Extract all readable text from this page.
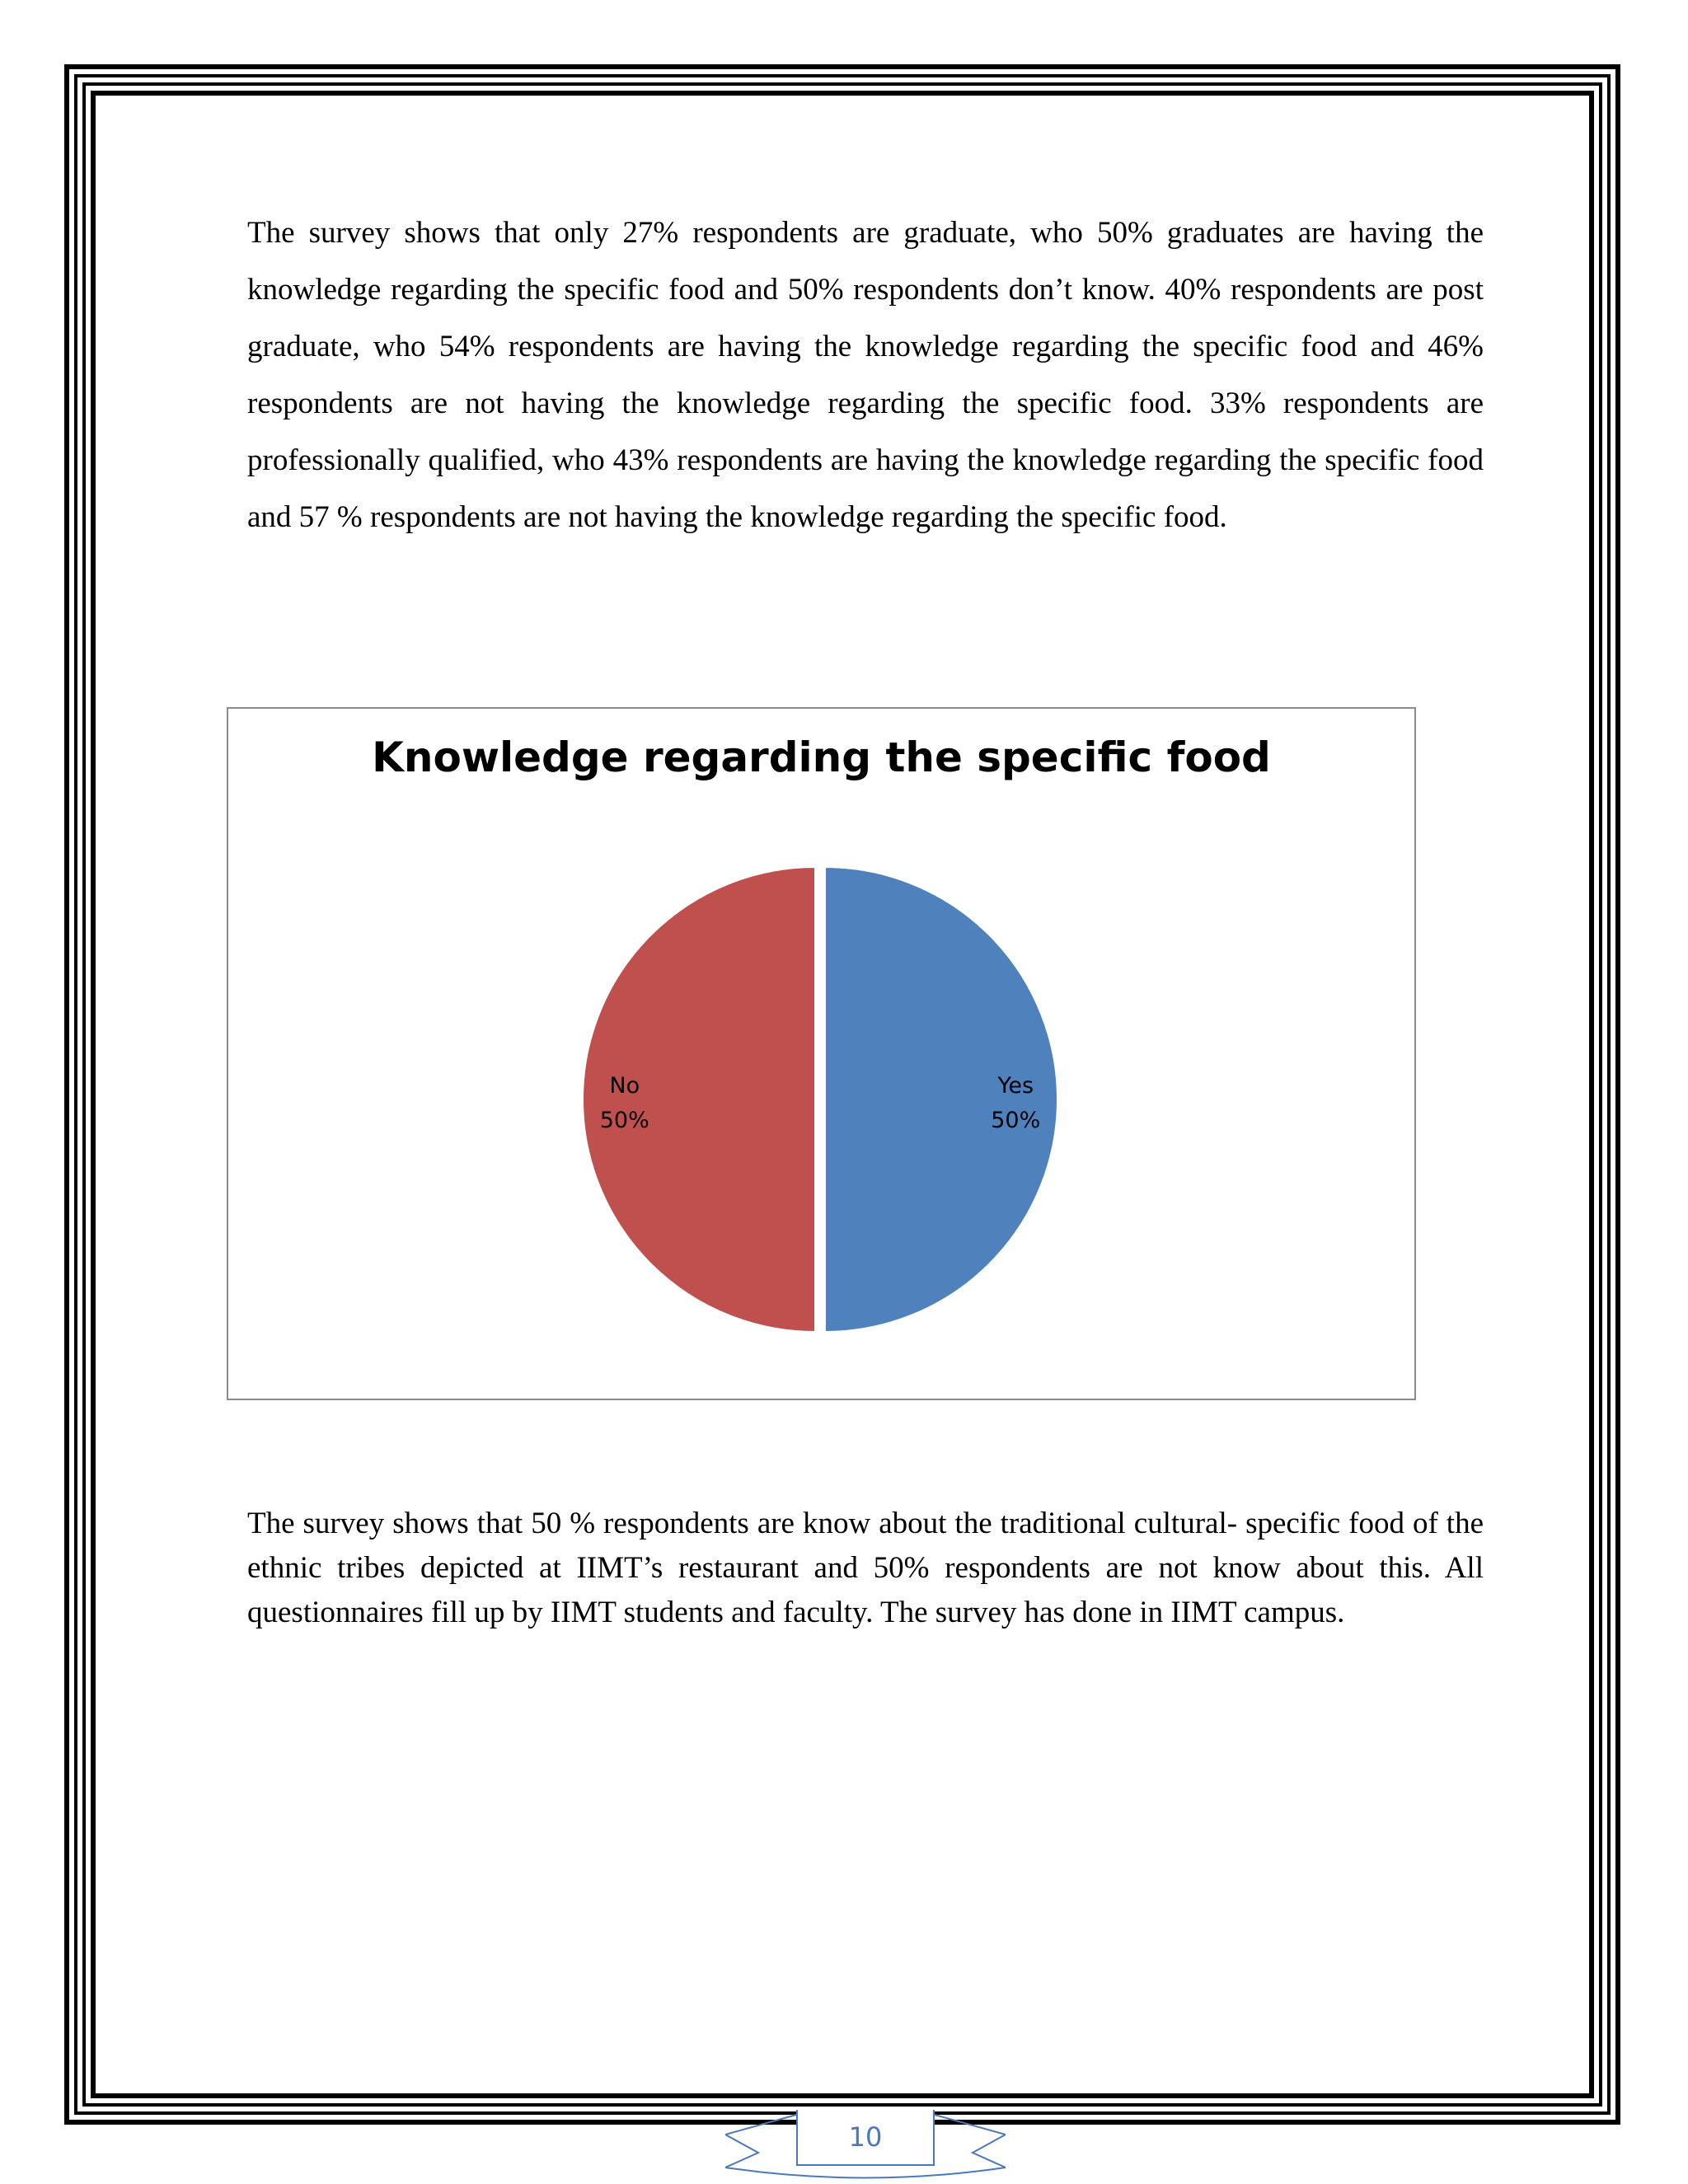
The survey shows that only 27% respondents are graduate, who 50% graduates are having the knowledge regarding the specific food and 50% respondents don’t know. 40% respondents are post graduate, who 54% respondents are having the knowledge regarding the specific food and 46% respondents are not having the knowledge regarding the specific food. 33% respondents are professionally qualified, who 43% respondents are having the knowledge regarding the specific food and 57 % respondents are not having the knowledge regarding the specific food.

Knowledge regarding the specific food
Yes
50%
No
50%

The survey shows that 50 % respondents are know about the traditional cultural- specific food of the ethnic tribes depicted at IIMT’s restaurant and 50% respondents are not know about this. All questionnaires fill up by IIMT students and faculty. The survey has done in IIMT campus.

10
